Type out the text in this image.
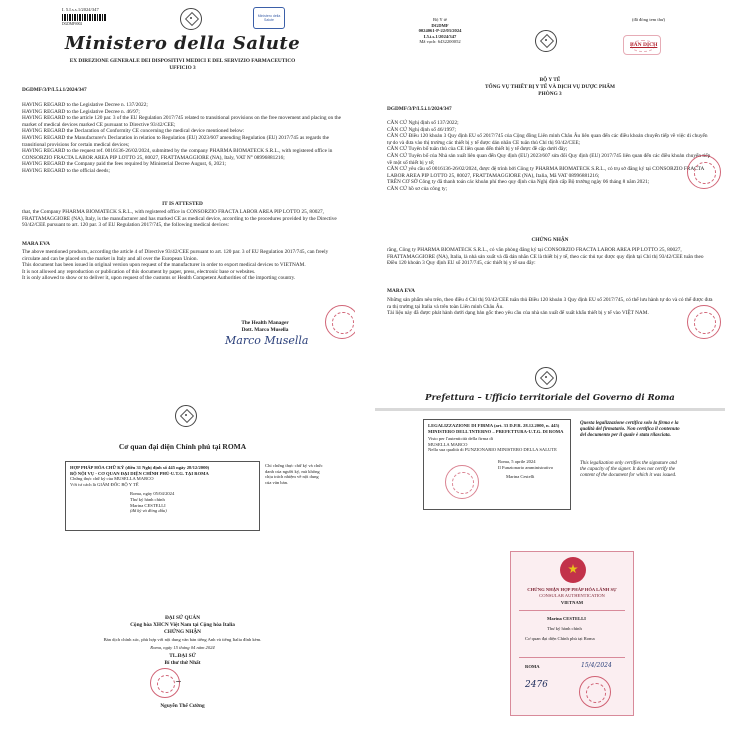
I. 5.I.s.s.1/2024/347
DGDMF0002
Ministero della Salute
Ministero della Salute
EX DIREZIONE GENERALE DEI DISPOSITIVI MEDICI E DEL SERVIZIO FARMACEUTICO
UFFICIO 3
DGDMF/3/P/I.5.i.1/2024/347
HAVING REGARD to the Legislative Decree n. 137/2022;
HAVING REGARD to the Legislative Decree n. 46/97;
HAVING REGARD to the article 120 par. 3 of the EU Regulation 2017/745 related to transitional provisions on the free movement and placing on the market of medical devices marked CE pursuant to Directive 93/42/CEE;
HAVING REGARD the Declaration of Conformity CE concerning the medical device mentioned below:
HAVING REGARD the Manufacturer's Declaration in relation to Regulation (EU) 2023/607 amending Regulation (EU) 2017/745 as regards the transitional provisions for certain medical devices;
HAVING REGARD to the request ref. 0016136-26/02/2024, submitted by the company PHARMA BIOMATECK S.R.L., with registered office in CONSORZIO FRACTA LABOR AREA PIP LOTTO 25, 80027, FRATTAMAGGIORE (NA), Italy, VAT N° 08996881216;
HAVING REGARD the Company paid the fees required by Ministerial Decree August, 6, 2021;
HAVING REGARD to the official deeds;
IT IS ATTESTED
that, the Company PHARMA BIOMATECK S.R.L., with registered office in CONSORZIO FRACTA LABOR AREA PIP LOTTO 25, 80027, FRATTAMAGGIORE (NA), Italy, is the manufacturer and has marked CE as medical device, according to the procedures provided by the Directive 93/42/CEE pursuant to art. 120 par. 3 of EU Regulation 2017/745, the following medical devices:
MARA EVA
The above mentioned products, according the article 4 of Directive 93/42/CEE pursuant to art. 120 par. 3 of EU Regulation 2017/745, can freely circulate and can be placed on the market in Italy and all over the European Union.
This document has been issued in original version upon request of the manufacturer in order to export medical devices to VIETNAM.
It is not allowed any reproduction or publication of this document by paper, press, electronic base or websites.
It is only allowed to show or to deliver it, upon request of the customs or Health Competent Authorities of the importing country.
The Health Manager
Dott. Marco Musella
Marco Musella
Bộ Y tế
DGDMF
0024061-P-22/03/2024
I.5.i.s.1/2024/347
Mã vạch: 6432200052
(đã đóng tem thư)
BẢN DỊCH
BỘ Y TẾ
TỔNG VỤ THIẾT BỊ Y TẾ VÀ DỊCH VỤ DƯỢC PHẨM
PHÒNG 3
DGDMF/3/P/I.5.i.1/2024/347
CĂN CỨ Nghị định số 137/2022;
CĂN CỨ Nghị định số 46/1997;
CĂN CỨ Điều 120 khoản 3 Quy định EU số 2017/745 của Cộng đồng Liên minh Châu Âu liên quan đến các điều khoản chuyển tiếp về việc di chuyển tự do và đưa vào thị trường các thiết bị y tế được dán nhãn CE tuân thủ Chỉ thị 93/42/CEE;
CĂN CỨ Tuyên bố tuân thủ của CE liên quan đến thiết bị y tế được đề cập dưới đây;
CĂN CỨ Tuyên bố của Nhà sản xuất liên quan đến Quy định (EU) 2023/607 sửa đổi Quy định (EU) 2017/745 liên quan đến các điều khoản chuyển tiếp về một số thiết bị y tế;
CĂN CỨ yêu cầu số 0016136-26/02/2024, được đệ trình bởi Công ty PHARMA BIOMATECK S.R.L., có trụ sở đăng ký tại CONSORZIO FRACTA LABOR AREA PIP LOTTO 25, 80027, FRATTAMAGGIORE (NA), Italia, Mã VAT 08996881216;
TRÊN CƠ SỞ Công ty đã thanh toán các khoản phí theo quy định của Nghị định cấp Bộ trưởng ngày 06 tháng 8 năm 2021;
CĂN CỨ hồ sơ của công ty;
CHỨNG NHẬN
rằng, Công ty PHARMA BIOMATECK S.R.L., có văn phòng đăng ký tại CONSORZIO FRACTA LABOR AREA PIP LOTTO 25, 80027, FRATTAMAGGIORE (NA), Italia, là nhà sản xuất và đã dán nhãn CE là thiết bị y tế, theo các thủ tục được quy định tại Chỉ thị 93/42/CEE tuân theo Điều 120 khoản 3 Quy định EU số 2017/745, các thiết bị y tế sau đây:
MARA EVA
Những sản phẩm nêu trên, theo điều 4 Chỉ thị 93/42/CEE tuân thủ Điều 120 khoản 3 Quy định EU số 2017/745, có thể lưu hành tự do và có thể được đưa ra thị trường tại Italia và trên toàn Liên minh Châu Âu.
Tài liệu này đã được phát hành dưới dạng bản gốc theo yêu cầu của nhà sản xuất để xuất khẩu thiết bị y tế vào VIỆT NAM.
Cơ quan đại diện Chính phủ tại ROMA
HỢP PHÁP HÓA CHỮ KÝ (điều 31 Nghị định số 445 ngày 28/12/2000)
BỘ NỘI VỤ - CƠ QUAN ĐẠI DIỆN CHÍNH PHỦ-U.T.G. TẠI ROMA
Chứng thực chữ ký của MUSELLA MARCO
Với tư cách là GIÁM ĐỐC BỘ Y TẾ
Roma, ngày 05/04/2024
Thư ký hành chính
Marina CESTELLI
(đã ký và đóng dấu)
Chỉ chứng thực chữ ký và chức danh của người ký, mà không chịu trách nhiệm về nội dung của văn bản.
ĐẠI SỨ QUÁN
Cộng hòa XHCN Việt Nam tại Cộng hòa Italia
CHỨNG NHẬN
Bản dịch chính xác, phù hợp với nội dung văn bản tiếng Anh và tiếng Italia đính kèm.
Roma, ngày 15 tháng 04 năm 2024
TL.ĐẠI SỨ
Bí thư thứ Nhất
~
Nguyễn Thế Cường
Prefettura – Ufficio territoriale del Governo di Roma
LEGALIZZAZIONE DI FIRMA (art. 33 D.P.R. 28.12.2000, n. 445)
MINISTERO DELL'INTERNO – PREFETTURA-U.T.G. DI ROMA
Visto per l'autenticità della firma di
MUSELLA MARCO
Nella sua qualità di FUNZIONARIO MINISTERO DELLA SALUTE
Roma, 5 aprile 2024
Il Funzionario amministrativo
Marina Cestelli
Questa legalizzazione certifica solo la firma e la qualità del firmatario. Non certifica il contenuto del documento per il quale è stata rilasciata.
This legalization only certifies the signature and the capacity of the signer. It does not certify the content of the document for which it was issued.
CHỨNG NHẬN HỢP PHÁP HÓA LÃNH SỰ
CONSULAR AUTHENTICATION
VIETNAM
Marina CESTELLI
Thư ký hành chính
Cơ quan đại diện Chính phủ tại Roma
ROMA	15/4/2024
2476
